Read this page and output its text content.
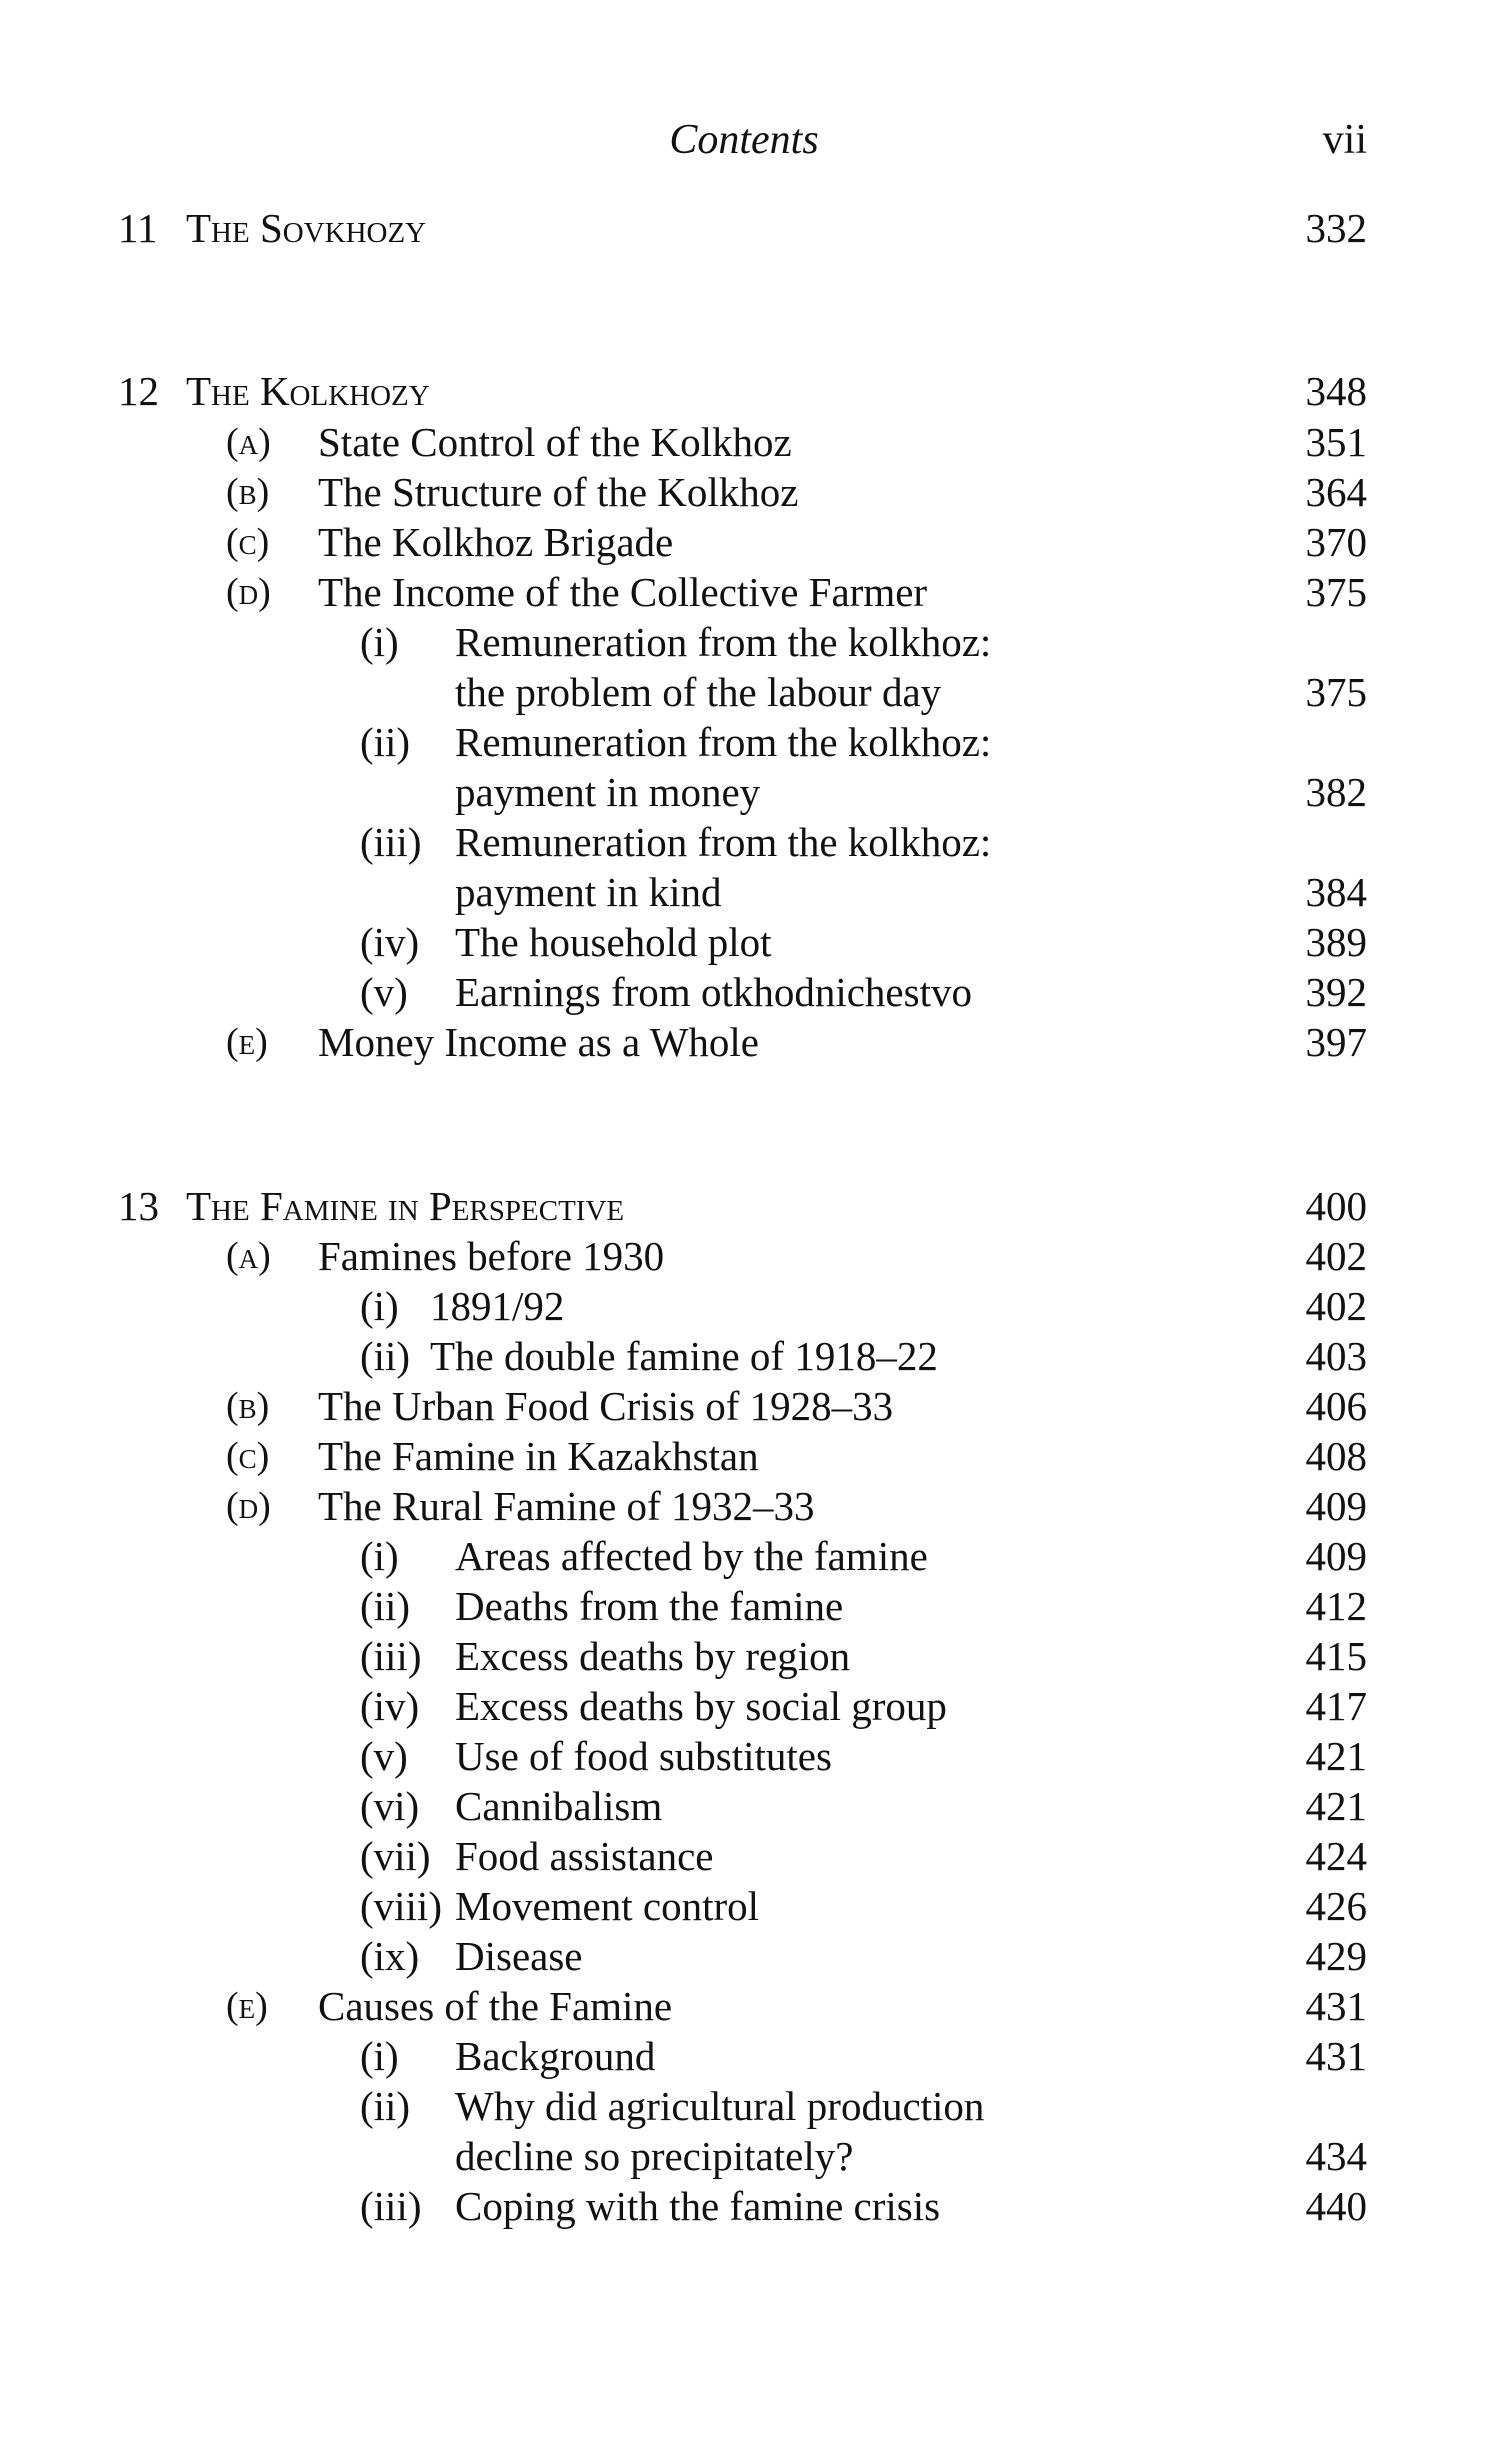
Contents	vii
11 The Sovkhozy	332
12 The Kolkhozy	348
(a) State Control of the Kolkhoz	351
(b) The Structure of the Kolkhoz	364
(c) The Kolkhoz Brigade	370
(d) The Income of the Collective Farmer	375
(i) Remuneration from the kolkhoz:
the problem of the labour day	375
(ii) Remuneration from the kolkhoz:
payment in money	382
(iii) Remuneration from the kolkhoz:
payment in kind	384
(iv) The household plot	389
(v) Earnings from otkhodnichestvo	392
(e) Money Income as a Whole	397
13 The Famine in Perspective	400
(a) Famines before 1930	402
(i) 1891/92	402
(ii) The double famine of 1918–22	403
(b) The Urban Food Crisis of 1928–33	406
(c) The Famine in Kazakhstan	408
(d) The Rural Famine of 1932–33	409
(i) Areas affected by the famine	409
(ii) Deaths from the famine	412
(iii) Excess deaths by region	415
(iv) Excess deaths by social group	417
(v) Use of food substitutes	421
(vi) Cannibalism	421
(vii) Food assistance	424
(viii) Movement control	426
(ix) Disease	429
(e) Causes of the Famine	431
(i) Background	431
(ii) Why did agricultural production
decline so precipitately?	434
(iii) Coping with the famine crisis	440
